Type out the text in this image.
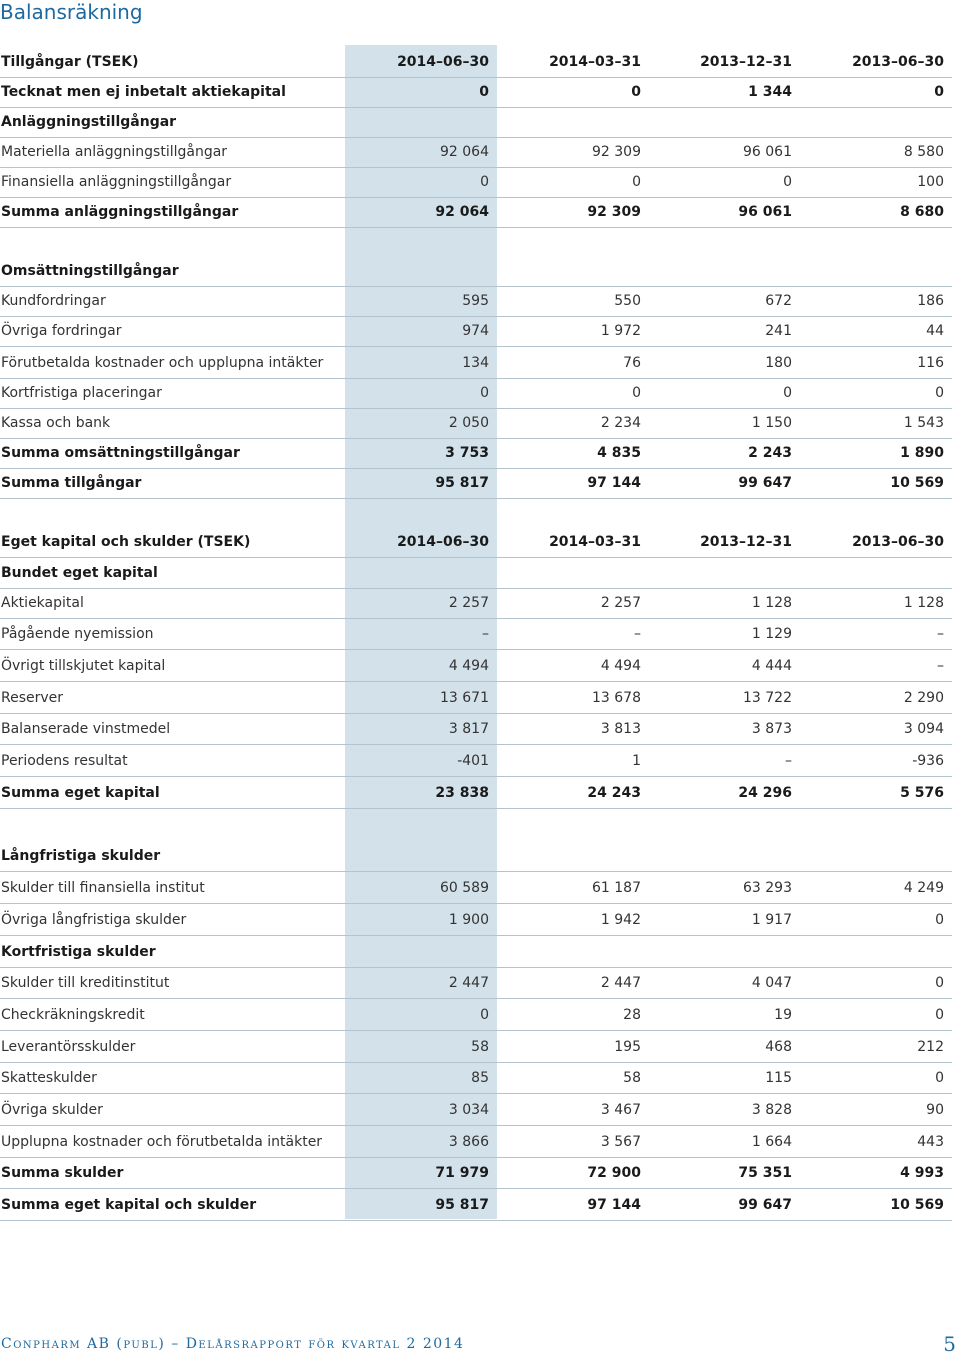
Balansräkning
Tillgångar (TSEK)	2014–06–30	2014–03–31	2013–12–31	2013–06–30
Tecknat men ej inbetalt aktiekapital	0	0	1 344	0
Anläggningstillgångar
Materiella anläggningstillgångar	92 064	92 309	96 061	8 580
Finansiella anläggningstillgångar	0	0	0	100
Summa anläggningstillgångar	92 064	92 309	96 061	8 680
Omsättningstillgångar
Kundfordringar	595	550	672	186
Övriga fordringar	974	1 972	241	44
Förutbetalda kostnader och upplupna intäkter	134	76	180	116
Kortfristiga placeringar	0	0	0	0
Kassa och bank	2 050	2 234	1 150	1 543
Summa omsättningstillgångar	3 753	4 835	2 243	1 890
Summa tillgångar	95 817	97 144	99 647	10 569
Eget kapital och skulder (TSEK)	2014–06–30	2014–03–31	2013–12–31	2013–06–30
Bundet eget kapital
Aktiekapital	2 257	2 257	1 128	1 128
Pågående nyemission	–	–	1 129	–
Övrigt tillskjutet kapital	4 494	4 494	4 444	–
Reserver	13 671	13 678	13 722	2 290
Balanserade vinstmedel	3 817	3 813	3 873	3 094
Periodens resultat	-401	1	–	-936
Summa eget kapital	23 838	24 243	24 296	5 576
Långfristiga skulder
Skulder till finansiella institut	60 589	61 187	63 293	4 249
Övriga långfristiga skulder	1 900	1 942	1 917	0
Kortfristiga skulder
Skulder till kreditinstitut	2 447	2 447	4 047	0
Checkräkningskredit	0	28	19	0
Leverantörsskulder	58	195	468	212
Skatteskulder	85	58	115	0
Övriga skulder	3 034	3 467	3 828	90
Upplupna kostnader och förutbetalda intäkter	3 866	3 567	1 664	443
Summa skulder	71 979	72 900	75 351	4 993
Summa eget kapital och skulder	95 817	97 144	99 647	10 569
Conpharm AB (publ) – Delårsrapport för kvartal 2 2014	5
